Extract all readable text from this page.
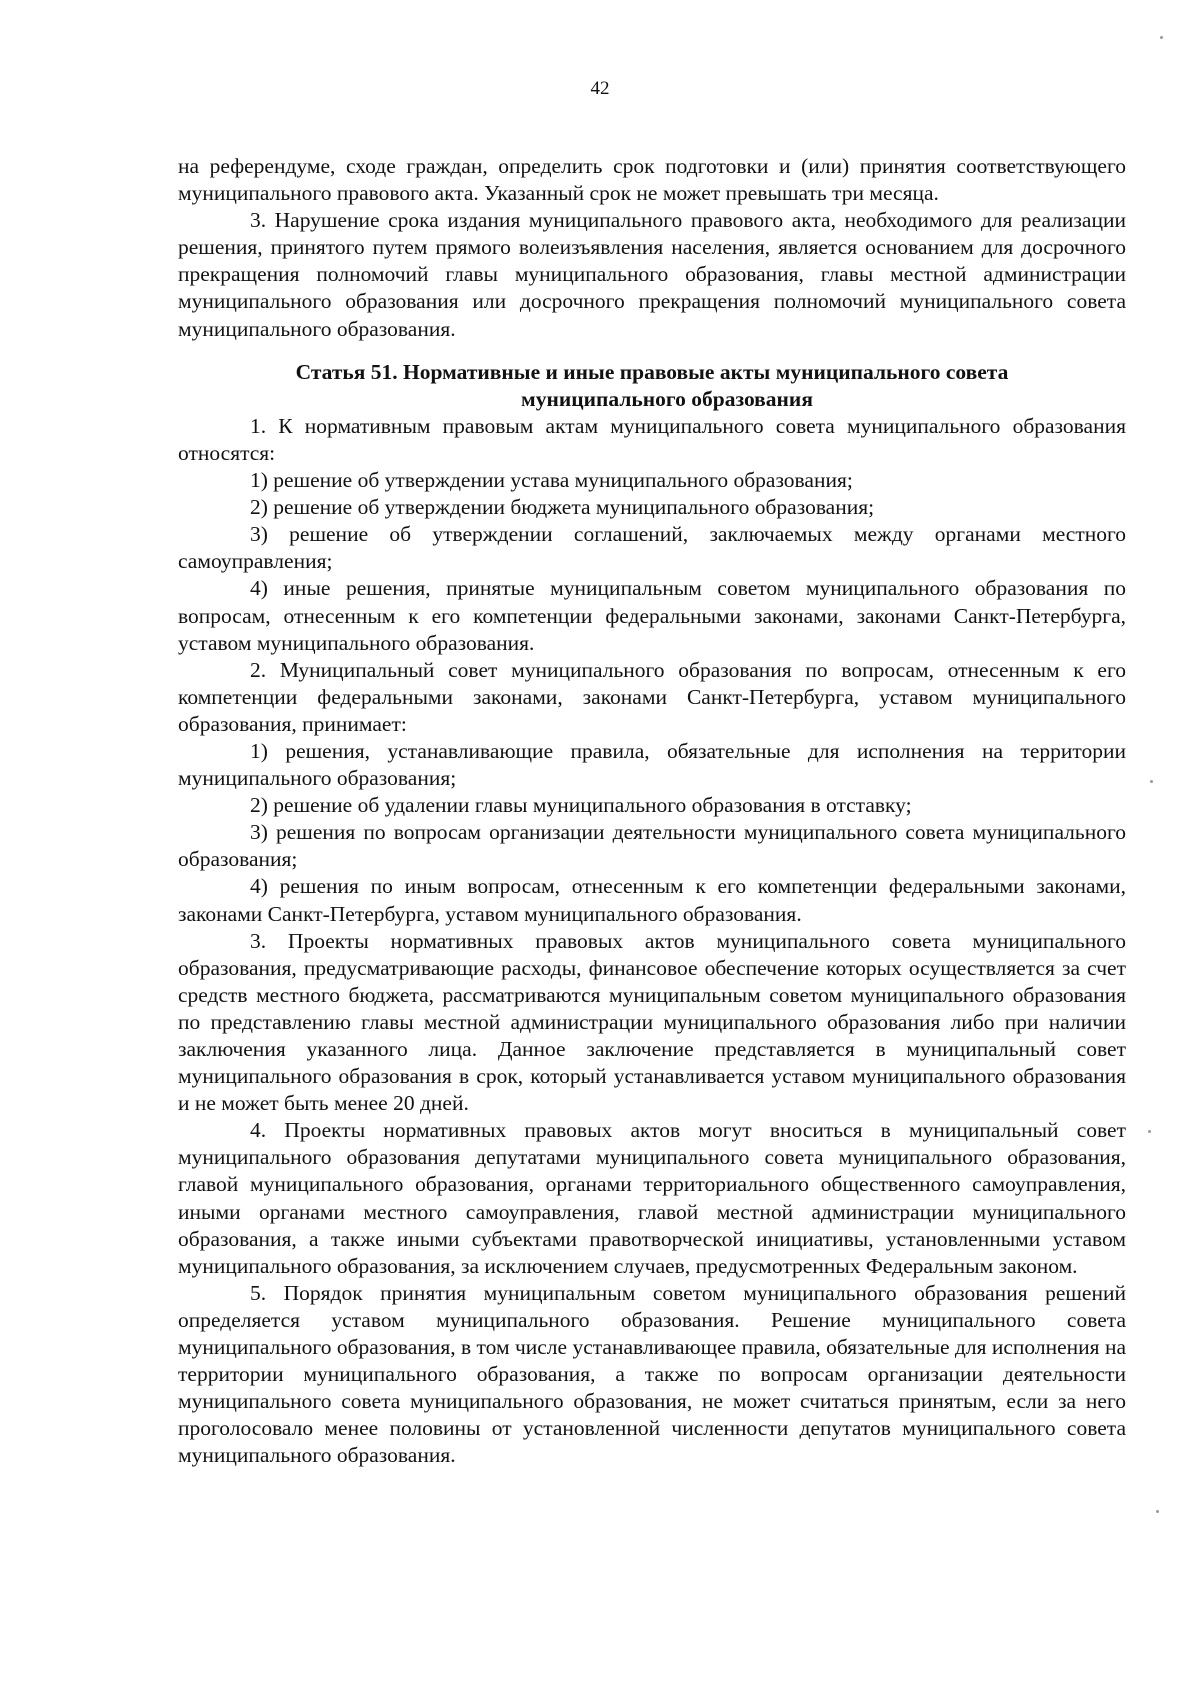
42

на референдуме, сходе граждан, определить срок подготовки и (или) принятия соответствующего муниципального правового акта. Указанный срок не может превышать три месяца.

3. Нарушение срока издания муниципального правового акта, необходимого для реализации решения, принятого путем прямого волеизъявления населения, является основанием для досрочного прекращения полномочий главы муниципального образования, главы местной администрации муниципального образования или досрочного прекращения полномочий муниципального совета муниципального образования.

Статья 51. Нормативные и иные правовые акты муниципального совета
муниципального образования

1. К нормативным правовым актам муниципального совета муниципального образования относятся:

1) решение об утверждении устава муниципального образования;

2) решение об утверждении бюджета муниципального образования;

3) решение об утверждении соглашений, заключаемых между органами местного самоуправления;

4) иные решения, принятые муниципальным советом муниципального образования по вопросам, отнесенным к его компетенции федеральными законами, законами Санкт-Петербурга, уставом муниципального образования.

2. Муниципальный совет муниципального образования по вопросам, отнесенным к его компетенции федеральными законами, законами Санкт-Петербурга, уставом муниципального образования, принимает:

1) решения, устанавливающие правила, обязательные для исполнения на территории муниципального образования;

2) решение об удалении главы муниципального образования в отставку;

3) решения по вопросам организации деятельности муниципального совета муниципального образования;

4) решения по иным вопросам, отнесенным к его компетенции федеральными законами, законами Санкт-Петербурга, уставом муниципального образования.

3. Проекты нормативных правовых актов муниципального совета муниципального образования, предусматривающие расходы, финансовое обеспечение которых осуществляется за счет средств местного бюджета, рассматриваются муниципальным советом муниципального образования по представлению главы местной администрации муниципального образования либо при наличии заключения указанного лица. Данное заключение представляется в муниципальный совет муниципального образования в срок, который устанавливается уставом муниципального образования и не может быть менее 20 дней.

4. Проекты нормативных правовых актов могут вноситься в муниципальный совет муниципального образования депутатами муниципального совета муниципального образования, главой муниципального образования, органами территориального общественного самоуправления, иными органами местного самоуправления, главой местной администрации муниципального образования, а также иными субъектами правотворческой инициативы, установленными уставом муниципального образования, за исключением случаев, предусмотренных Федеральным законом.

5. Порядок принятия муниципальным советом муниципального образования решений определяется уставом муниципального образования. Решение муниципального совета муниципального образования, в том числе устанавливающее правила, обязательные для исполнения на территории муниципального образования, а также по вопросам организации деятельности муниципального совета муниципального образования, не может считаться принятым, если за него проголосовало менее половины от установленной численности депутатов муниципального совета муниципального образования.
